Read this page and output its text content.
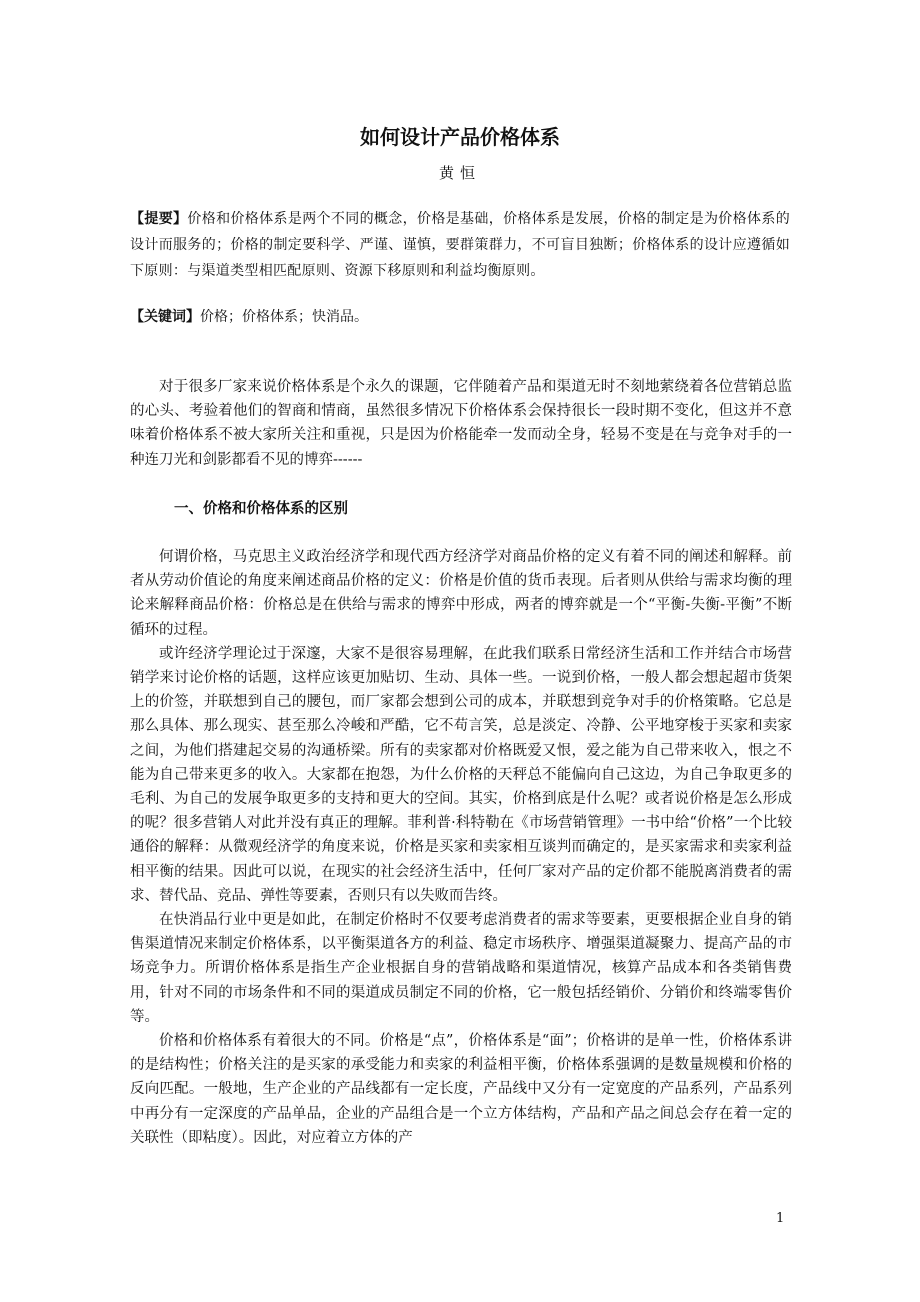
如何设计产品价格体系
黄恒
【提要】价格和价格体系是两个不同的概念，价格是基础，价格体系是发展，价格的制定是为价格体系的设计而服务的；价格的制定要科学、严谨、谨慎，要群策群力，不可盲目独断；价格体系的设计应遵循如下原则：与渠道类型相匹配原则、资源下移原则和利益均衡原则。
【关键词】价格；价格体系；快消品。

对于很多厂家来说价格体系是个永久的课题，它伴随着产品和渠道无时不刻地萦绕着各位营销总监的心头、考验着他们的智商和情商，虽然很多情况下价格体系会保持很长一段时期不变化，但这并不意味着价格体系不被大家所关注和重视，只是因为价格能牵一发而动全身，轻易不变是在与竞争对手的一种连刀光和剑影都看不见的博弈------

一、价格和价格体系的区别

何谓价格，马克思主义政治经济学和现代西方经济学对商品价格的定义有着不同的阐述和解释。前者从劳动价值论的角度来阐述商品价格的定义：价格是价值的货币表现。后者则从供给与需求均衡的理论来解释商品价格：价格总是在供给与需求的博弈中形成，两者的博弈就是一个“平衡-失衡-平衡”不断循环的过程。

或许经济学理论过于深邃，大家不是很容易理解，在此我们联系日常经济生活和工作并结合市场营销学来讨论价格的话题，这样应该更加贴切、生动、具体一些。一说到价格，一般人都会想起超市货架上的价签，并联想到自己的腰包，而厂家都会想到公司的成本，并联想到竞争对手的价格策略。它总是那么具体、那么现实、甚至那么冷峻和严酷，它不苟言笑，总是淡定、冷静、公平地穿梭于买家和卖家之间，为他们搭建起交易的沟通桥梁。所有的卖家都对价格既爱又恨，爱之能为自己带来收入，恨之不能为自己带来更多的收入。大家都在抱怨，为什么价格的天秤总不能偏向自己这边，为自己争取更多的毛利、为自己的发展争取更多的支持和更大的空间。其实，价格到底是什么呢？或者说价格是怎么形成的呢？很多营销人对此并没有真正的理解。菲利普·科特勒在《市场营销管理》一书中给“价格”一个比较通俗的解释：从微观经济学的角度来说，价格是买家和卖家相互谈判而确定的，是买家需求和卖家利益相平衡的结果。因此可以说，在现实的社会经济生活中，任何厂家对产品的定价都不能脱离消费者的需求、替代品、竞品、弹性等要素，否则只有以失败而告终。

在快消品行业中更是如此，在制定价格时不仅要考虑消费者的需求等要素，更要根据企业自身的销售渠道情况来制定价格体系，以平衡渠道各方的利益、稳定市场秩序、增强渠道凝聚力、提高产品的市场竞争力。所谓价格体系是指生产企业根据自身的营销战略和渠道情况，核算产品成本和各类销售费用，针对不同的市场条件和不同的渠道成员制定不同的价格，它一般包括经销价、分销价和终端零售价等。

价格和价格体系有着很大的不同。价格是“点”，价格体系是“面”；价格讲的是单一性，价格体系讲的是结构性；价格关注的是买家的承受能力和卖家的利益相平衡，价格体系强调的是数量规模和价格的反向匹配。一般地，生产企业的产品线都有一定长度，产品线中又分有一定宽度的产品系列，产品系列中再分有一定深度的产品单品，企业的产品组合是一个立方体结构，产品和产品之间总会存在着一定的关联性（即粘度）。因此，对应着立方体的产

1
